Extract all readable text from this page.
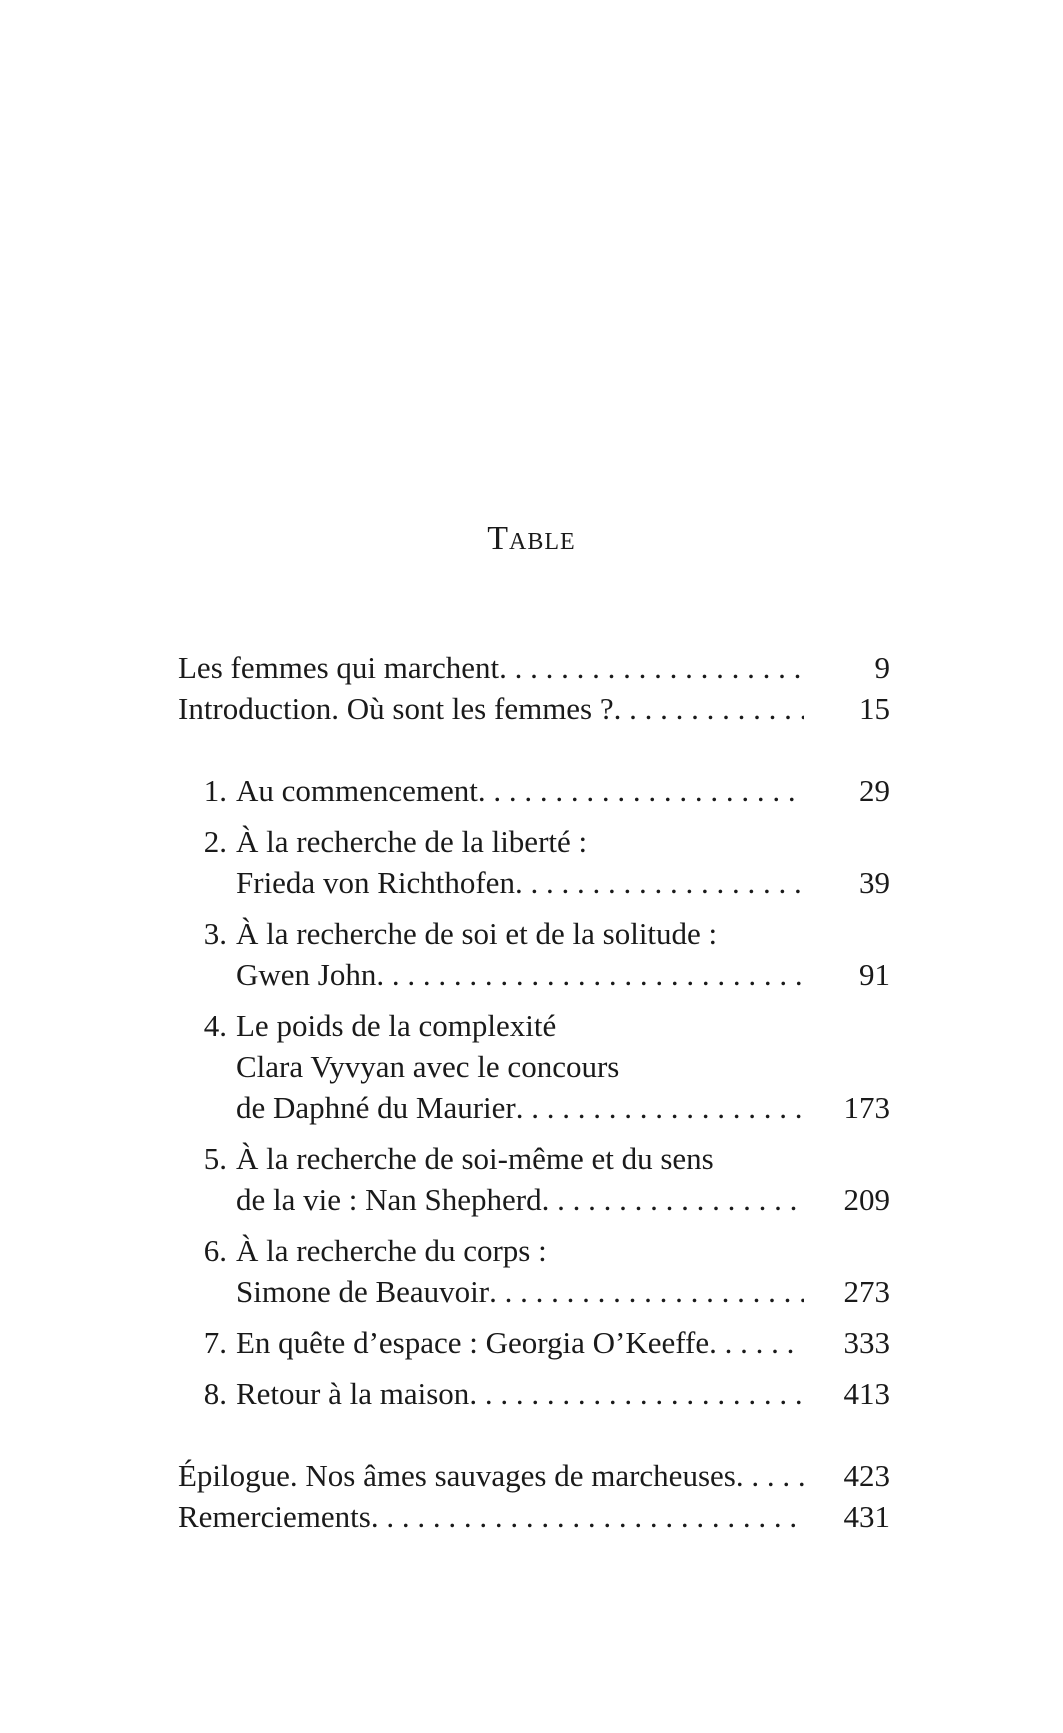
Table
Les femmes qui marchent . . .	9
Introduction. Où sont les femmes ? . . .	15
1. Au commencement . . .	29
2. À la recherche de la liberté :
Frieda von Richthofen . . .	39
3. À la recherche de soi et de la solitude :
Gwen John . . .	91
4. Le poids de la complexité
Clara Vyvyan avec le concours
de Daphné du Maurier . . .	173
5. À la recherche de soi-même et du sens
de la vie : Nan Shepherd . . .	209
6. À la recherche du corps :
Simone de Beauvoir . . .	273
7. En quête d’espace : Georgia O’Keeffe . . .	333
8. Retour à la maison . . .	413
Épilogue. Nos âmes sauvages de marcheuses . . .	423
Remerciements . . .	431
